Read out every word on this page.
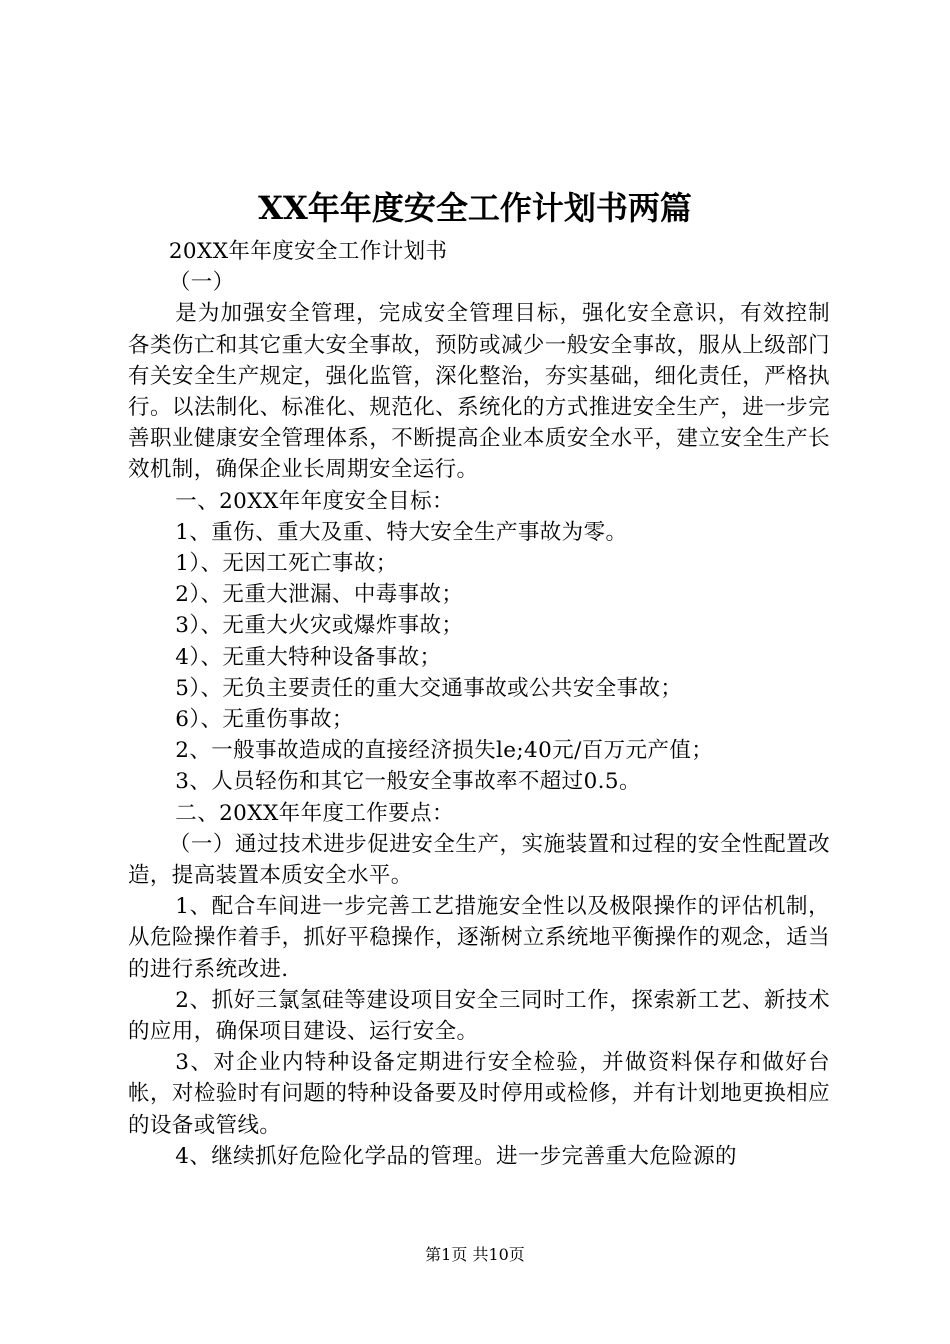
XX年年度安全工作计划书两篇

20XX年年度安全工作计划书

（一）

是为加强安全管理，完成安全管理目标，强化安全意识，有效控制各类伤亡和其它重大安全事故，预防或减少一般安全事故，服从上级部门有关安全生产规定，强化监管，深化整治，夯实基础，细化责任，严格执行。以法制化、标准化、规范化、系统化的方式推进安全生产，进一步完善职业健康安全管理体系，不断提高企业本质安全水平，建立安全生产长效机制，确保企业长周期安全运行。

一、20XX年年度安全目标：

1、重伤、重大及重、特大安全生产事故为零。

1）、无因工死亡事故；

2）、无重大泄漏、中毒事故；

3）、无重大火灾或爆炸事故；

4）、无重大特种设备事故；

5）、无负主要责任的重大交通事故或公共安全事故；

6）、无重伤事故；

2、一般事故造成的直接经济损失le;40元/百万元产值；

3、人员轻伤和其它一般安全事故率不超过0.5。

二、20XX年年度工作要点：

（一）通过技术进步促进安全生产，实施装置和过程的安全性配置改造，提高装置本质安全水平。

1、配合车间进一步完善工艺措施安全性以及极限操作的评估机制，从危险操作着手，抓好平稳操作，逐渐树立系统地平衡操作的观念，适当的进行系统改进.

2、抓好三氯氢硅等建设项目安全三同时工作，探索新工艺、新技术的应用，确保项目建设、运行安全。

3、对企业内特种设备定期进行安全检验，并做资料保存和做好台帐，对检验时有问题的特种设备要及时停用或检修，并有计划地更换相应的设备或管线。

4、继续抓好危险化学品的管理。进一步完善重大危险源的

第1页 共10页
